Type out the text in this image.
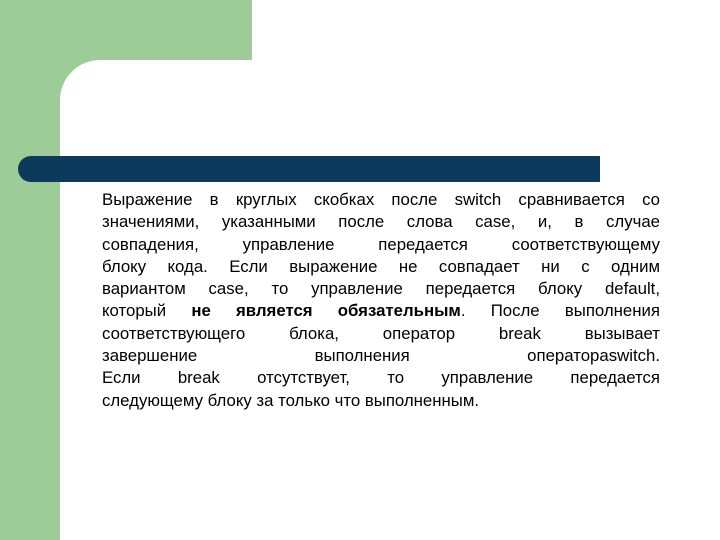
Выражение в круглых скобках после switch сравнивается со
значениями, указанными после слова case, и, в случае
совпадения, управление передается соответствующему
блоку кода. Если выражение не совпадает ни с одним
вариантом case, то управление передается блоку default,
который не является обязательным. После выполнения
соответствующего блока, оператор break вызывает
завершение выполнения операторaswitch.
Если break отсутствует, то управление передается
следующему блоку за только что выполненным.
